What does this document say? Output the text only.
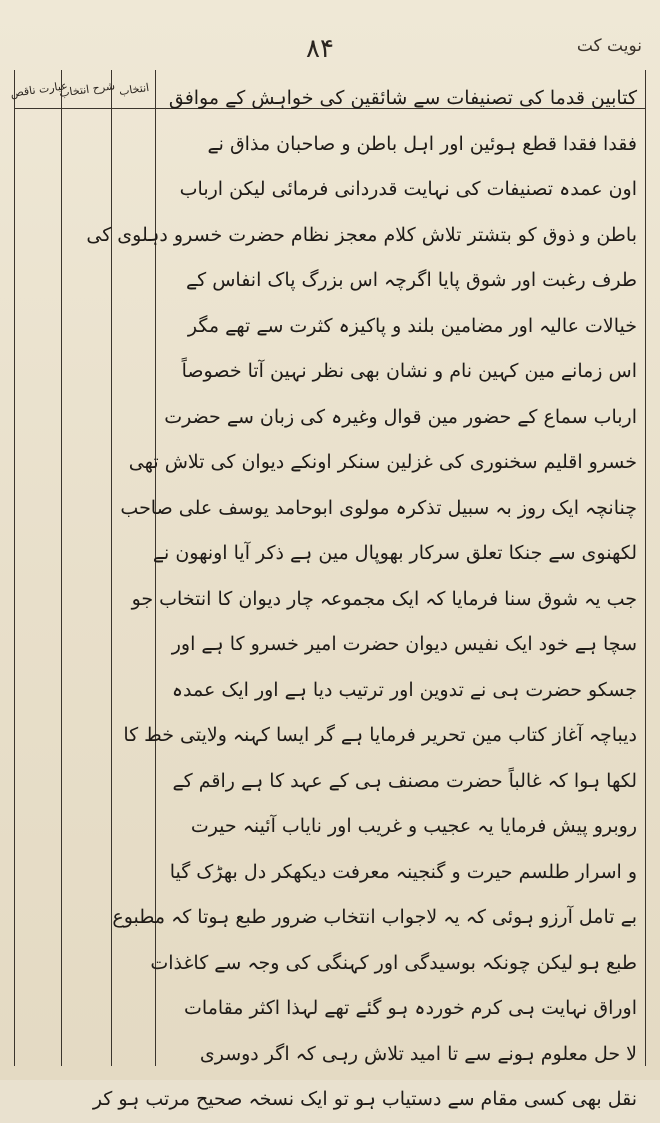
۸۴	نویت کت
عبارت ناقص
شرح انتخاب انتخاب کتابین قدما کی تصنیفات سے شائقین کی خواہش کے موافق
فقدا فقدا قطع ہوئین اور اہل باطن و صاحبان مذاق نے
اون عمدہ تصنیفات کی نہایت قدردانی فرمائی لیکن ارباب
باطن و ذوق کو بتشتر تلاش کلام معجز نظام حضرت خسرو دہلوی کی
طرف رغبت اور شوق پایا اگرچہ اس بزرگ پاک انفاس کے
خیالات عالیہ اور مضامین بلند و پاکیزہ کثرت سے تھے مگر
اس زمانے مین کہین نام و نشان بھی نظر نہین آتا خصوصاً
ارباب سماع کے حضور مین قوال وغیرہ کی زبان سے حضرت
خسرو اقلیم سخنوری کی غزلین سنکر اونکے دیوان کی تلاش تھی
چنانچہ ایک روز بہ سبیل تذکرہ مولوی ابوحامد یوسف علی صاحب
لکھنوی سے جنکا تعلق سرکار بھوپال مین ہے ذکر آیا اونھون نے
جب یہ شوق سنا فرمایا کہ ایک مجموعہ چار دیوان کا انتخاب جو
سچا ہے خود ایک نفیس دیوان حضرت امیر خسرو کا ہے اور
جسکو حضرت ہی نے تدوین اور ترتیب دیا ہے اور ایک عمدہ
دیباچہ آغاز کتاب مین تحریر فرمایا ہے گر ایسا کہنہ ولایتی خط کا
لکھا ہوا کہ غالباً حضرت مصنف ہی کے عہد کا ہے راقم کے
روبرو پیش فرمایا یہ عجیب و غریب اور نایاب آئینہ حیرت
و اسرار طلسم حیرت و گنجینہ معرفت دیکھکر دل بھڑک گیا
بے تامل آرزو ہوئی کہ یہ لاجواب انتخاب ضرور طبع ہوتا کہ مطبوع
طبع ہو لیکن چونکہ بوسیدگی اور کہنگی کی وجہ سے کاغذات
اوراق نہایت ہی کرم خوردہ ہو گئے تھے لہذا اکثر مقامات
لا حل معلوم ہونے سے تا امید تلاش رہی کہ اگر دوسری
نقل بھی کسی مقام سے دستیاب ہو تو ایک نسخہ صحیح مرتب ہو کر
